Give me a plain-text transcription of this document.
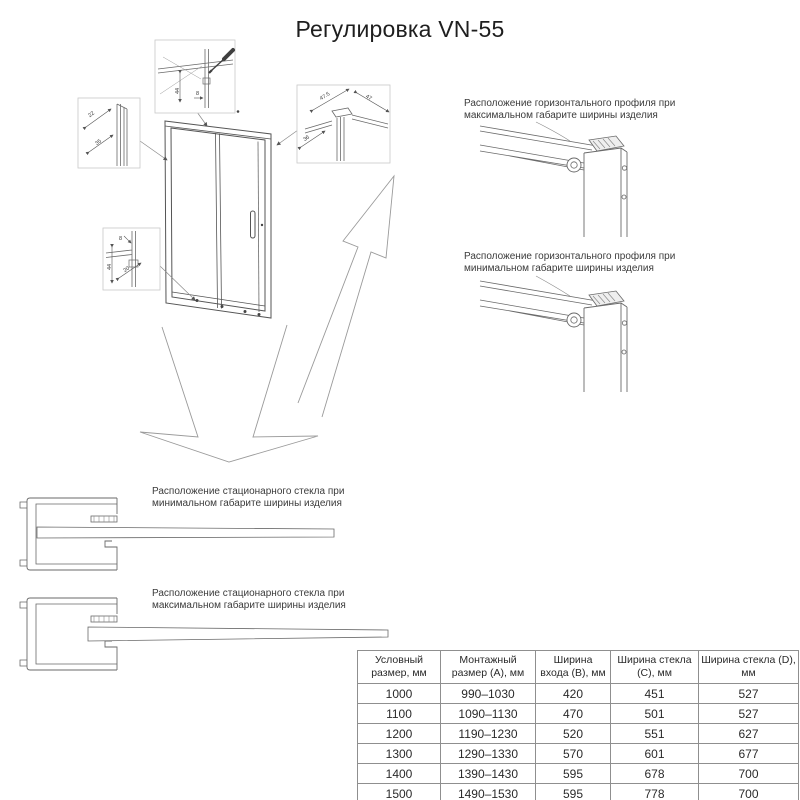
Регулировка VN-55
22
35
44	8	47.5	47
36
8
44 20
Расположение горизонтального профиля при максимальном габарите ширины изделия
Расположение горизонтального профиля при минимальном габарите ширины изделия
Расположение стационарного стекла при минимальном габарите ширины изделия
Расположение стационарного стекла при максимальном габарите ширины изделия
Условный размер, мм	Монтажный размер (A), мм	Ширина входа (B), мм	Ширина стекла (C), мм	Ширина стекла (D), мм
1000	990–1030	420	451	527
1100	1090–1130	470	501	527
1200	1190–1230	520	551	627
1300	1290–1330	570	601	677
1400	1390–1430	595	678	700
1500	1490–1530	595	778	700
